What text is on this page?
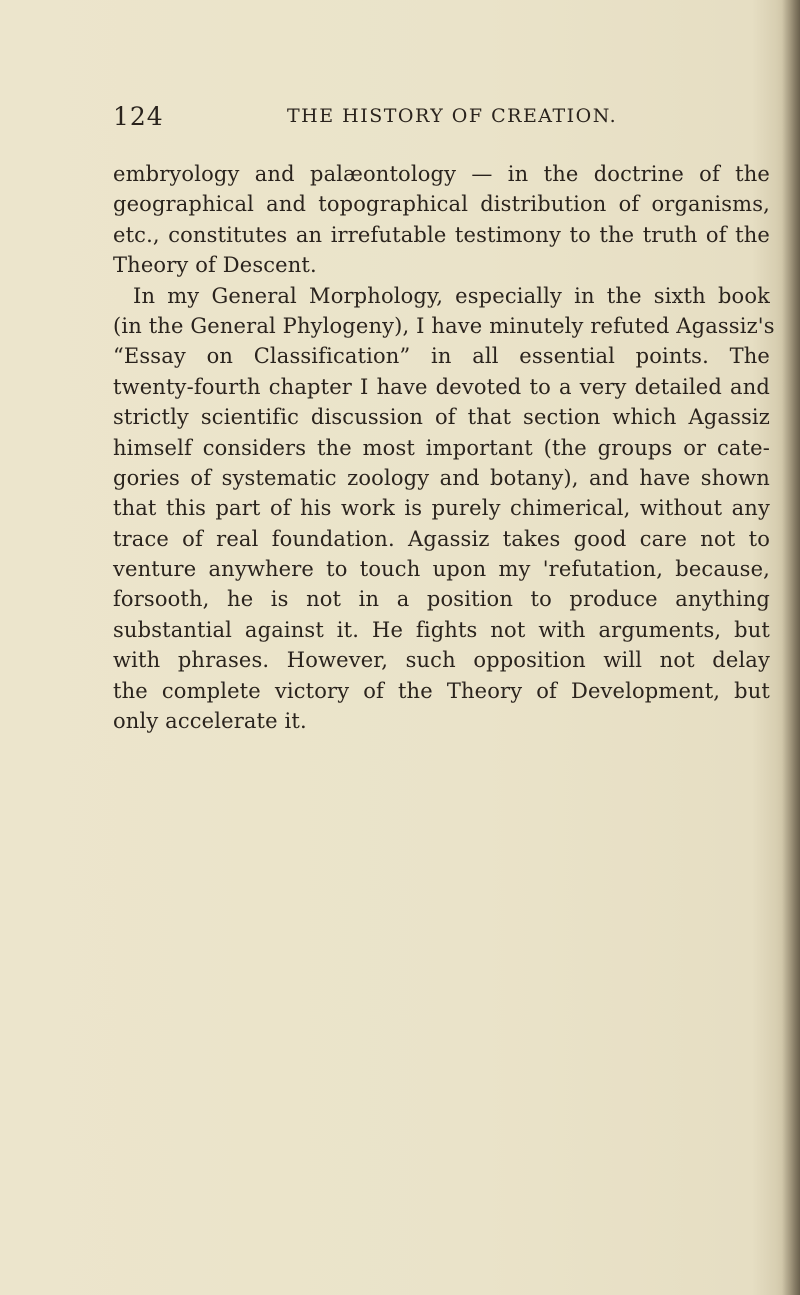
124	THE HISTORY OF CREATION.
embryology and palæontology — in the doctrine of the
geographical and topographical distribution of organisms,
etc., constitutes an irrefutable testimony to the truth of the
Theory of Descent.
In my General Morphology, especially in the sixth book
(in the General Phylogeny), I have minutely refuted Agassiz's
“Essay on Classification” in all essential points. The
twenty-fourth chapter I have devoted to a very detailed and
strictly scientific discussion of that section which Agassiz
himself considers the most important (the groups or cate-
gories of systematic zoology and botany), and have shown
that this part of his work is purely chimerical, without any
trace of real foundation. Agassiz takes good care not to
venture anywhere to touch upon my 'refutation, because,
forsooth, he is not in a position to produce anything
substantial against it. He fights not with arguments, but
with phrases. However, such opposition will not delay
the complete victory of the Theory of Development, but
only accelerate it.
